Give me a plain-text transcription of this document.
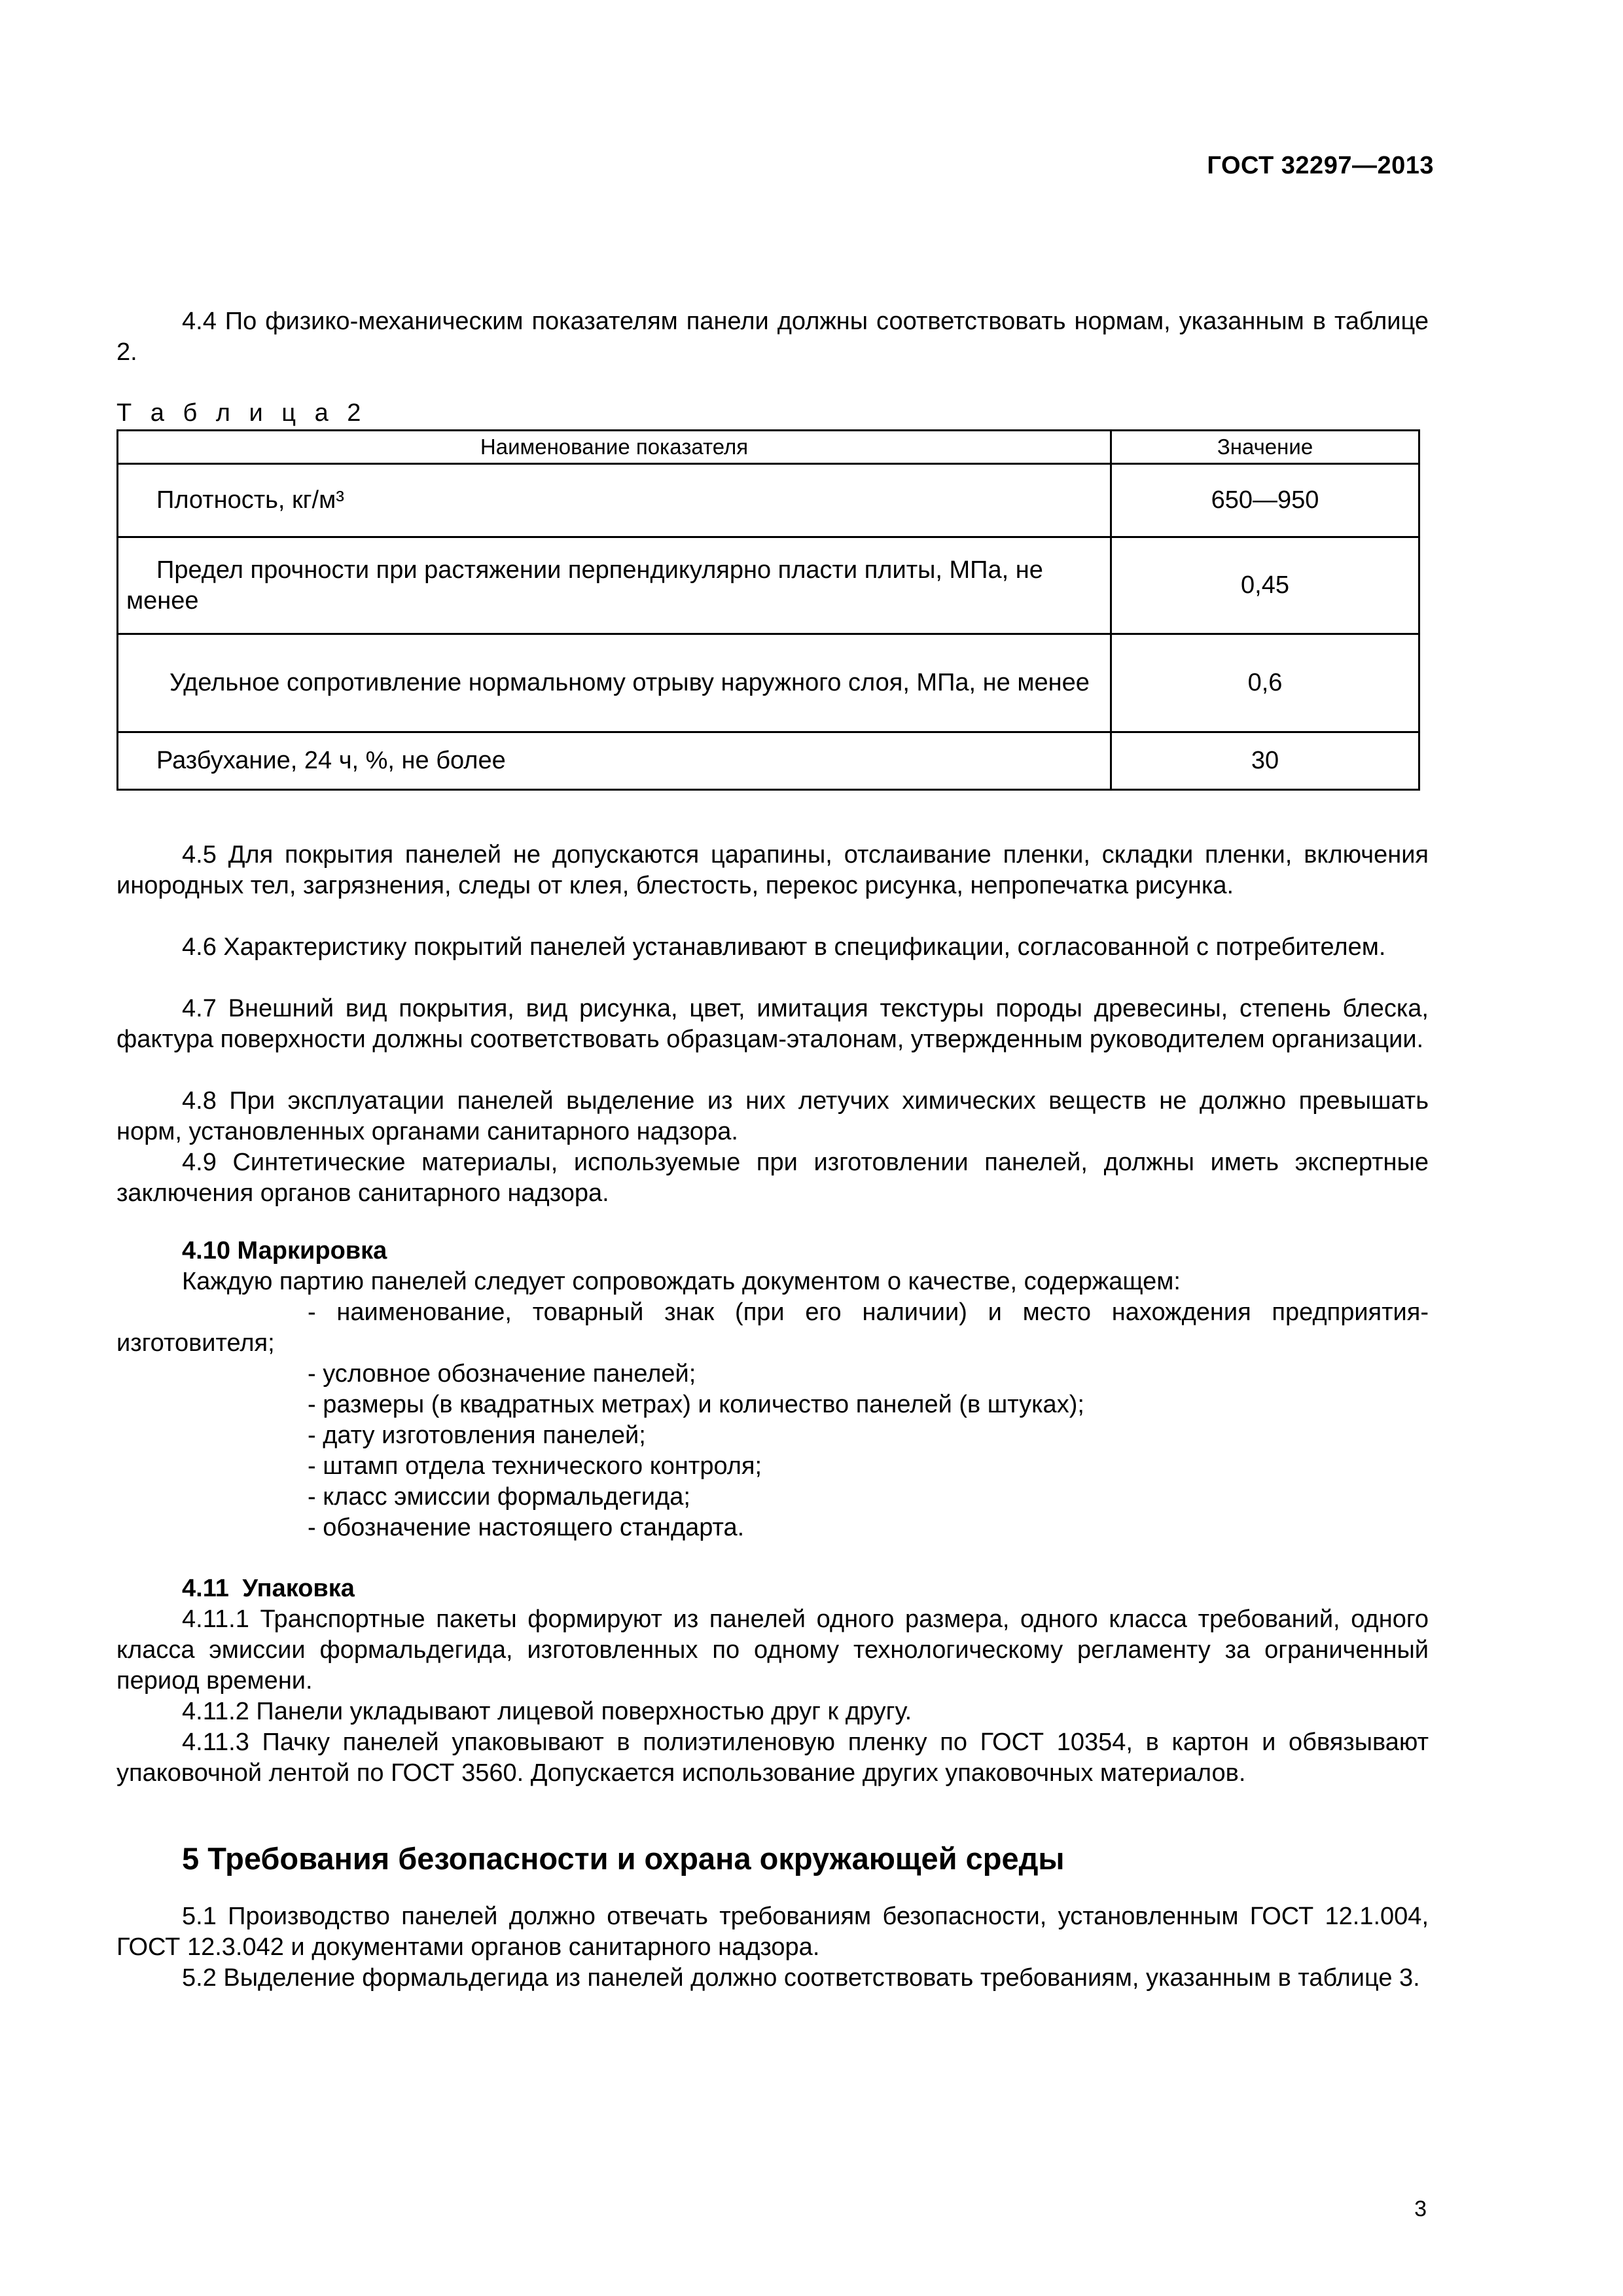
ГОСТ 32297—2013
4.4 По физико-механическим показателям панели должны соответствовать нормам, указанным в таблице 2.
Т а б л и ц а 2
Наименование показателя	Значение
Плотность, кг/м³	650—950
Предел прочности при растяжении перпендикулярно пласти плиты, МПа, не менее	0,45
Удельное сопротивление нормальному отрыву наружного слоя, МПа, не менее	0,6
Разбухание, 24 ч, %, не более	30
4.5 Для покрытия панелей не допускаются царапины, отслаивание пленки, складки пленки, включения инородных тел, загрязнения, следы от клея, блестость, перекос рисунка, непропечатка рисунка.
4.6 Характеристику покрытий панелей устанавливают в спецификации, согласованной с потребителем.
4.7 Внешний вид покрытия, вид рисунка, цвет, имитация текстуры породы древесины, степень блеска, фактура поверхности должны соответствовать образцам-эталонам, утвержденным руководителем организации.
4.8 При эксплуатации панелей выделение из них летучих химических веществ не должно превышать норм, установленных органами санитарного надзора.
4.9 Синтетические материалы, используемые при изготовлении панелей, должны иметь экспертные заключения органов санитарного надзора.
4.10 Маркировка
Каждую партию панелей следует сопровождать документом о качестве, содержащем:
- наименование, товарный знак (при его наличии) и место нахождения предприятия-
изготовителя;
- условное обозначение панелей;
- размеры (в квадратных метрах) и количество панелей (в штуках);
- дату изготовления панелей;
- штамп отдела технического контроля;
- класс эмиссии формальдегида;
- обозначение настоящего стандарта.
4.11 Упаковка
4.11.1 Транспортные пакеты формируют из панелей одного размера, одного класса требований, одного класса эмиссии формальдегида, изготовленных по одному технологическому регламенту за ограниченный период времени.
4.11.2 Панели укладывают лицевой поверхностью друг к другу.
4.11.3 Пачку панелей упаковывают в полиэтиленовую пленку по ГОСТ 10354, в картон и обвязывают упаковочной лентой по ГОСТ 3560. Допускается использование других упаковочных материалов.
5 Требования безопасности и охрана окружающей среды
5.1 Производство панелей должно отвечать требованиям безопасности, установленным ГОСТ 12.1.004, ГОСТ 12.3.042 и документами органов санитарного надзора.
5.2 Выделение формальдегида из панелей должно соответствовать требованиям, указанным в таблице 3.
3
